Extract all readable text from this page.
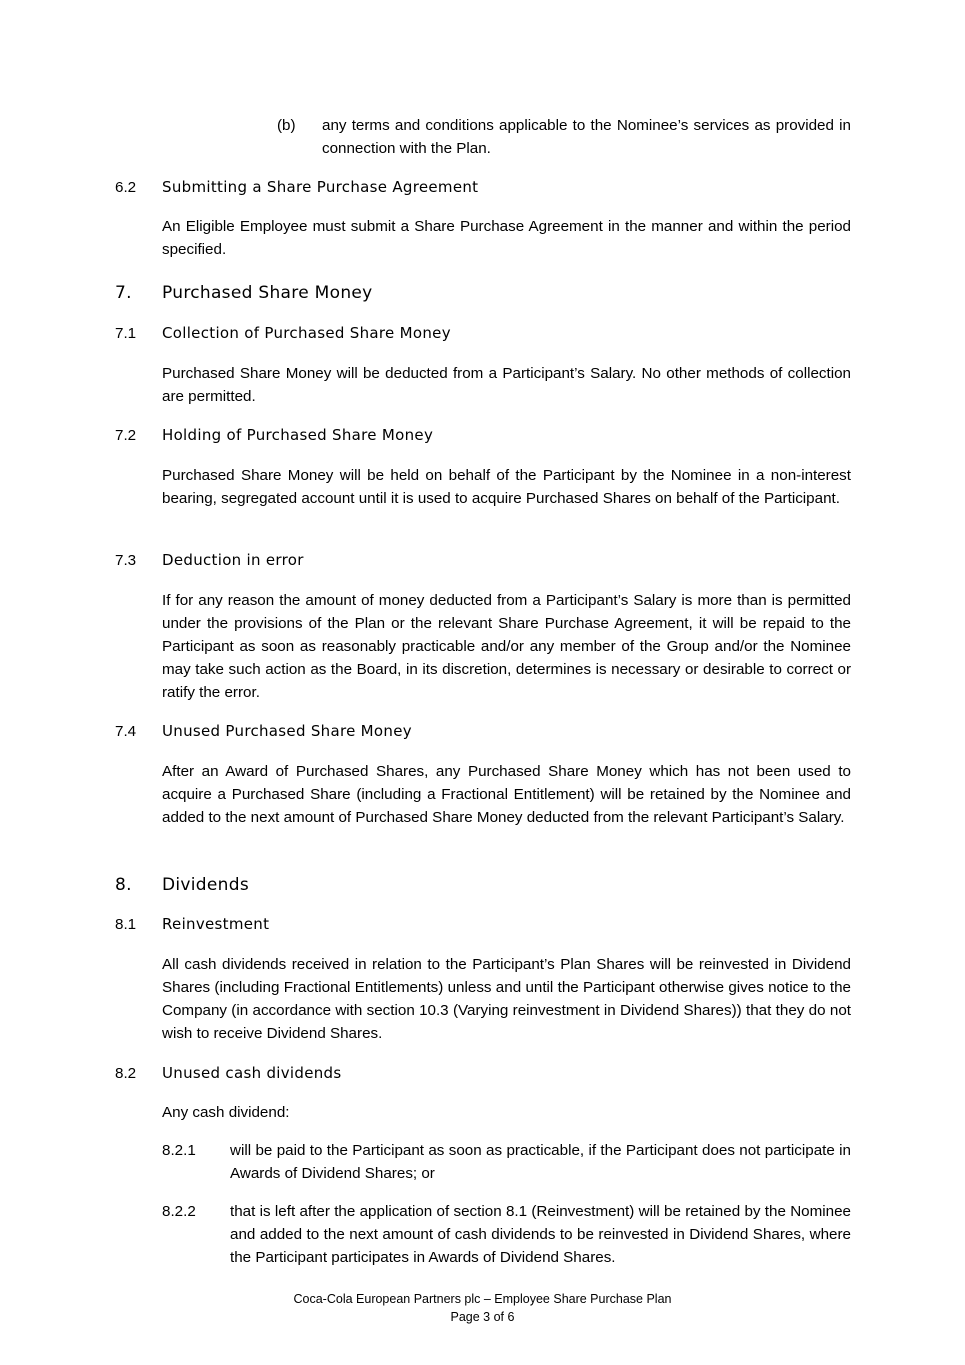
(b) any terms and conditions applicable to the Nominee’s services as provided in connection with the Plan.

6.2 Submitting a Share Purchase Agreement

An Eligible Employee must submit a Share Purchase Agreement in the manner and within the period specified.

7. Purchased Share Money
7.1 Collection of Purchased Share Money

Purchased Share Money will be deducted from a Participant’s Salary. No other methods of collection are permitted.

7.2 Holding of Purchased Share Money

Purchased Share Money will be held on behalf of the Participant by the Nominee in a non-interest bearing, segregated account until it is used to acquire Purchased Shares on behalf of the Participant.

7.3 Deduction in error

If for any reason the amount of money deducted from a Participant’s Salary is more than is permitted under the provisions of the Plan or the relevant Share Purchase Agreement, it will be repaid to the Participant as soon as reasonably practicable and/or any member of the Group and/or the Nominee may take such action as the Board, in its discretion, determines is necessary or desirable to correct or ratify the error.

7.4 Unused Purchased Share Money

After an Award of Purchased Shares, any Purchased Share Money which has not been used to acquire a Purchased Share (including a Fractional Entitlement) will be retained by the Nominee and added to the next amount of Purchased Share Money deducted from the relevant Participant’s Salary.

8. Dividends
8.1 Reinvestment

All cash dividends received in relation to the Participant’s Plan Shares will be reinvested in Dividend Shares (including Fractional Entitlements) unless and until the Participant otherwise gives notice to the Company (in accordance with section 10.3 (Varying reinvestment in Dividend Shares)) that they do not wish to receive Dividend Shares.

8.2 Unused cash dividends

Any cash dividend:

8.2.1 will be paid to the Participant as soon as practicable, if the Participant does not participate in Awards of Dividend Shares; or

8.2.2 that is left after the application of section 8.1 (Reinvestment) will be retained by the Nominee and added to the next amount of cash dividends to be reinvested in Dividend Shares, where the Participant participates in Awards of Dividend Shares.

Coca-Cola European Partners plc – Employee Share Purchase Plan
Page 3 of 6
